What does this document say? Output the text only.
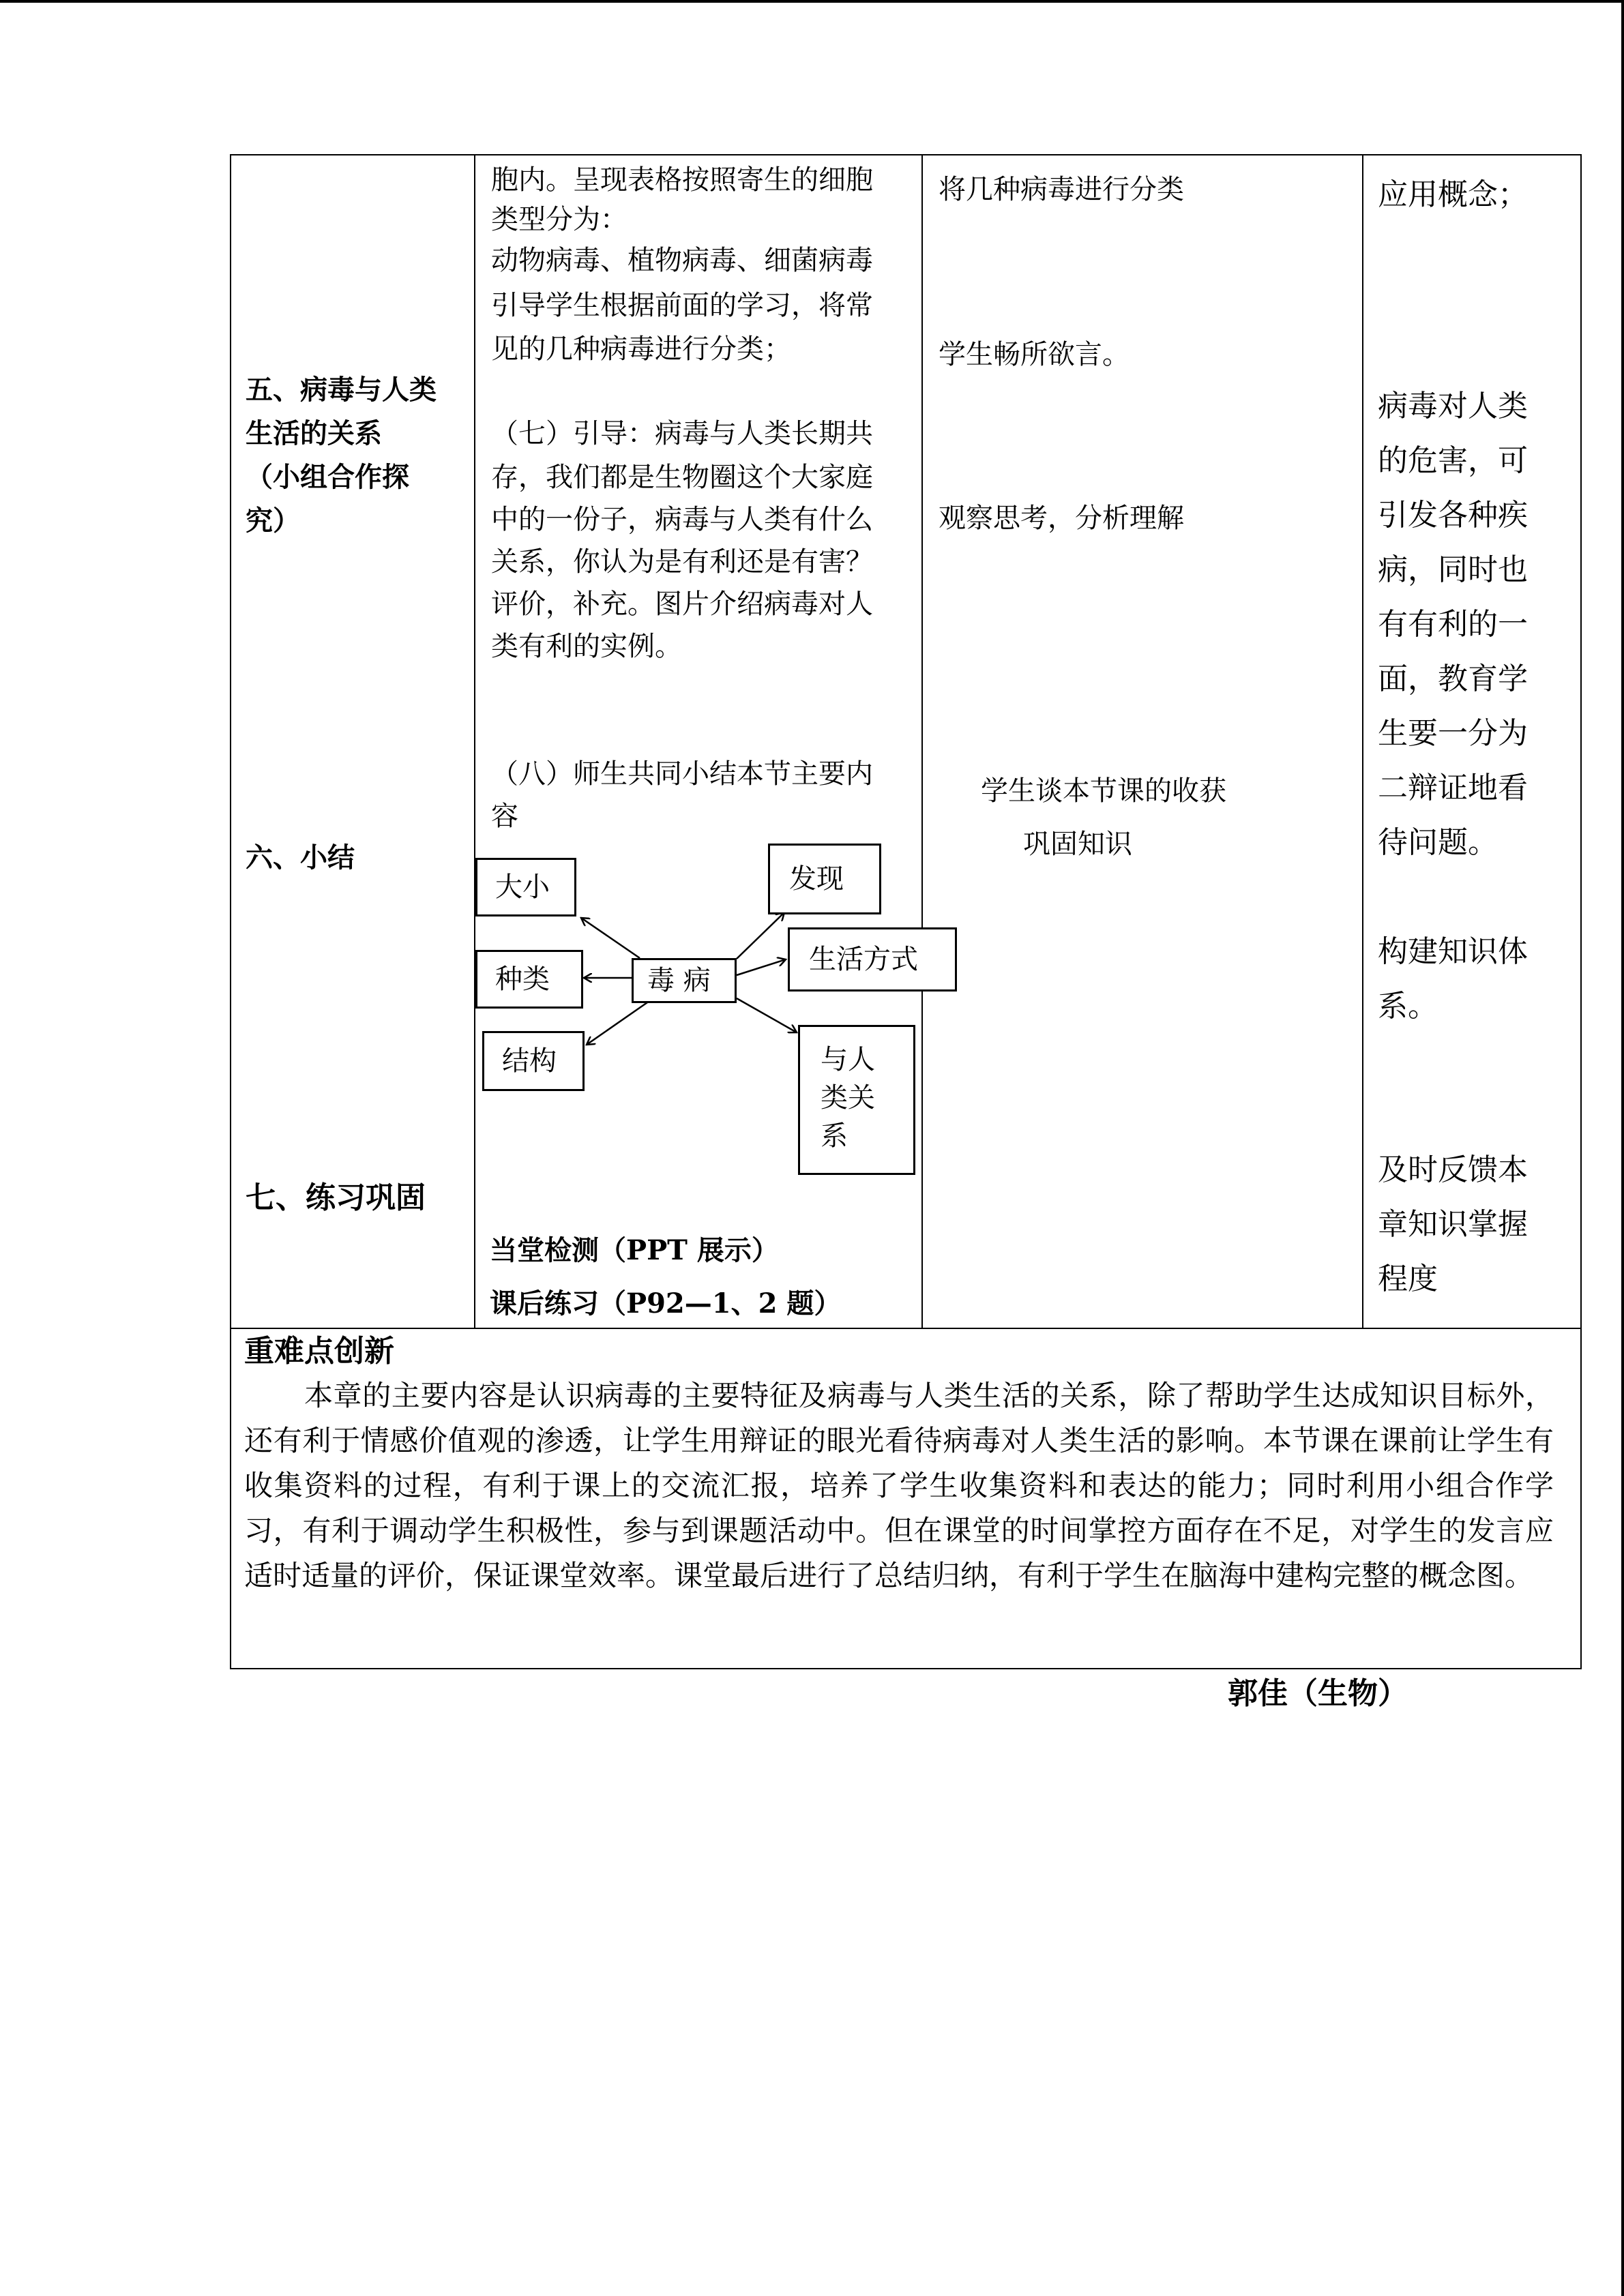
五、病毒与人类
生活的关系
（小组合作探
究）
六、小结
七、练习巩固
胞内。呈现表格按照寄生的细胞
类型分为：
动物病毒、植物病毒、细菌病毒
引导学生根据前面的学习，将常
见的几种病毒进行分类；
（七）引导：病毒与人类长期共
存，我们都是生物圈这个大家庭
中的一份子，病毒与人类有什么
关系，你认为是有利还是有害？
评价，补充。图片介绍病毒对人
类有利的实例。
（八）师生共同小结本节主要内
容
大小
种类
结构
毒 病
发现
生活方式
与人
类关
系
当堂检测（PPT 展示）
课后练习（P92—1、2 题）
将几种病毒进行分类
学生畅所欲言。
观察思考，分析理解
学生谈本节课的收获
巩固知识
应用概念；
病毒对人类
的危害，可
引发各种疾
病，同时也
有有利的一
面，教育学
生要一分为
二辩证地看
待问题。
构建知识体
系。
及时反馈本
章知识掌握
程度
重难点创新
本章的主要内容是认识病毒的主要特征及病毒与人类生活的关系，除了帮助学生达成知识目标外，还有利于情感价值观的渗透，让学生用辩证的眼光看待病毒对人类生活的影响。本节课在课前让学生有收集资料的过程，有利于课上的交流汇报，培养了学生收集资料和表达的能力；同时利用小组合作学习，有利于调动学生积极性，参与到课题活动中。但在课堂的时间掌控方面存在不足，对学生的发言应适时适量的评价，保证课堂效率。课堂最后进行了总结归纳，有利于学生在脑海中建构完整的概念图。
郭佳（生物）
